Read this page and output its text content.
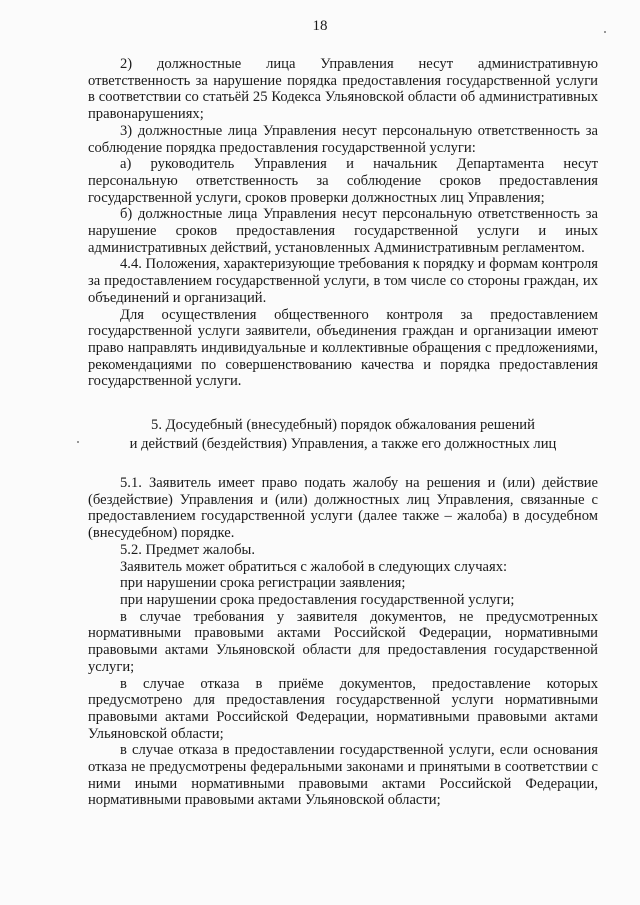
18

2) должностные лица Управления несут административную ответственность за нарушение порядка предоставления государственной услуги в соответствии со статьёй 25 Кодекса Ульяновской области об административных правонарушениях;

3) должностные лица Управления несут персональную ответственность за соблюдение порядка предоставления государственной услуги:

а) руководитель Управления и начальник Департамента несут персональную ответственность за соблюдение сроков предоставления государственной услуги, сроков проверки должностных лиц Управления;

б) должностные лица Управления несут персональную ответственность за нарушение сроков предоставления государственной услуги и иных административных действий, установленных Административным регламентом.

4.4. Положения, характеризующие требования к порядку и формам контроля за предоставлением государственной услуги, в том числе со стороны граждан, их объединений и организаций.

Для осуществления общественного контроля за предоставлением государственной услуги заявители, объединения граждан и организации имеют право направлять индивидуальные и коллективные обращения с предложениями, рекомендациями по совершенствованию качества и порядка предоставления государственной услуги.

5. Досудебный (внесудебный) порядок обжалования решений
и действий (бездействия) Управления, а также его должностных лиц

5.1. Заявитель имеет право подать жалобу на решения и (или) действие (бездействие) Управления и (или) должностных лиц Управления, связанные с предоставлением государственной услуги (далее также – жалоба) в досудебном (внесудебном) порядке.

5.2. Предмет жалобы.

Заявитель может обратиться с жалобой в следующих случаях:

при нарушении срока регистрации заявления;

при нарушении срока предоставления государственной услуги;

в случае требования у заявителя документов, не предусмотренных нормативными правовыми актами Российской Федерации, нормативными правовыми актами Ульяновской области для предоставления государственной услуги;

в случае отказа в приёме документов, предоставление которых предусмотрено для предоставления государственной услуги нормативными правовыми актами Российской Федерации, нормативными правовыми актами Ульяновской области;

в случае отказа в предоставлении государственной услуги, если основания отказа не предусмотрены федеральными законами и принятыми в соответствии с ними иными нормативными правовыми актами Российской Федерации, нормативными правовыми актами Ульяновской области;
